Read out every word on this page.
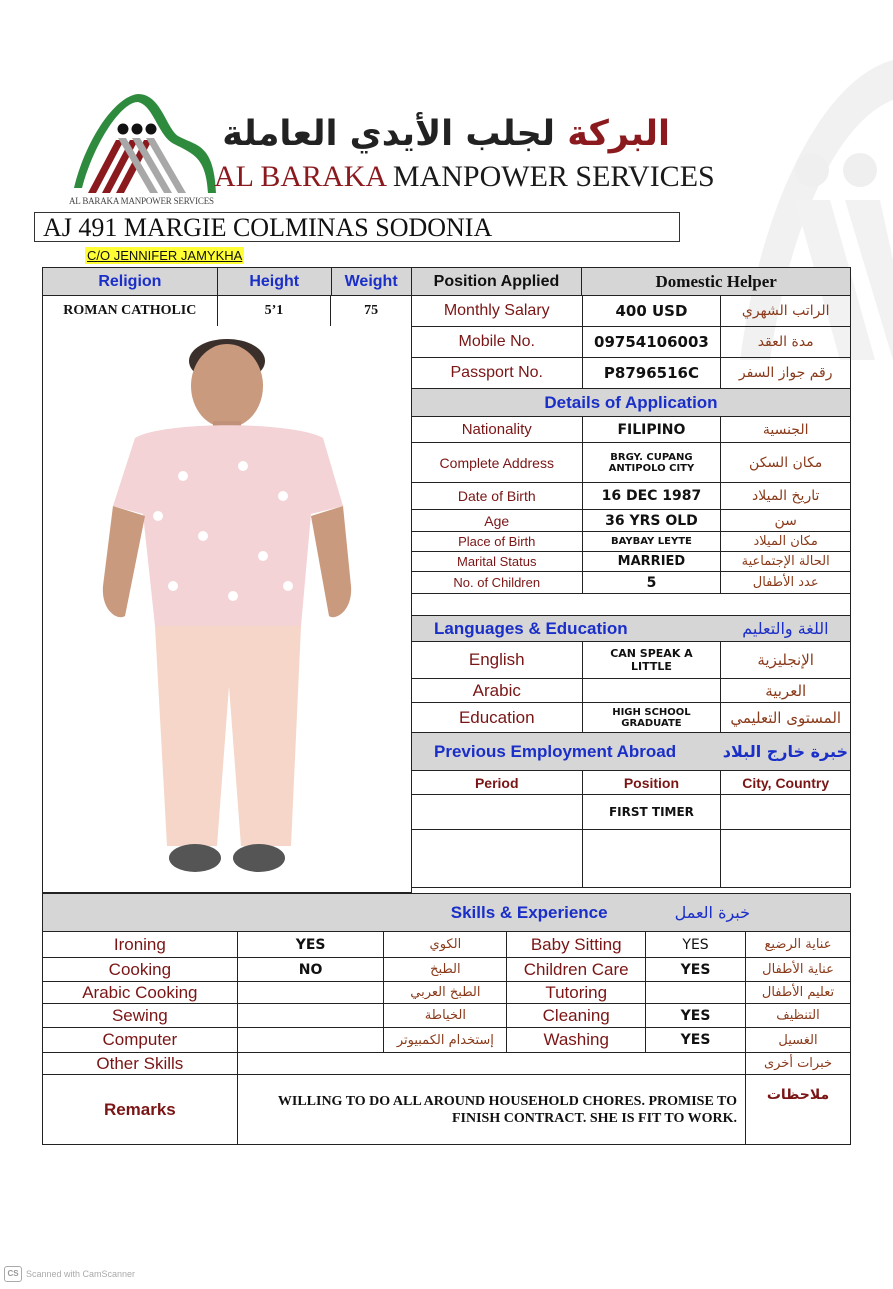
AL BARAKA MANPOWER SERVICES
البركة لجلب الأيدي العاملة
AL BARAKA MANPOWER SERVICES
AJ 491 MARGIE COLMINAS SODONIA
C/O JENNIFER JAMYKHA
Religion	Height	Weight	Position Applied	Domestic Helper
ROMAN CATHOLIC	5’1	75	Monthly Salary	400 USD	الراتب الشهري
Mobile No.	09754106003	مدة العقد
Passport No.	P8796516C	رقم جواز السفر
Details of Application		
Nationality	FILIPINO	الجنسية
Complete Address	BRGY. CUPANG ANTIPOLO CITY	مكان السكن
Date of Birth	16 DEC 1987	تاريخ الميلاد
Age	36 YRS OLD	سن
Place of Birth	BAYBAY LEYTE	مكان الميلاد
Marital Status	MARRIED	الحالة الإجتماعية
No. of Children	5	عدد الأطفال

Languages & Education		اللغة والتعليم
English	CAN SPEAK A LITTLE	الإنجليزية
Arabic		العربية
Education	HIGH SCHOOL GRADUATE	المستوى التعليمي
Previous Employment Abroad		خبرة خارج البلاد
Period	Position	City, Country
	FIRST TIMER	

Skills & Experience				خبرة العمل	
Ironing	YES	الكوي	Baby Sitting	YES	عناية الرضيع
Cooking	NO	الطبخ	Children Care	YES	عناية الأطفال
Arabic Cooking		الطبخ العربي	Tutoring		تعليم الأطفال
Sewing		الخياطة	Cleaning	YES	التنظيف
Computer		إستخدام الكمبيوتر	Washing	YES	الغسيل
Other Skills					خبرات أخرى
Remarks	WILLING TO DO ALL AROUND HOUSEHOLD CHORES. PROMISE TO FINISH CONTRACT. SHE IS FIT TO WORK.				ملاحظات
CS Scanned with CamScanner
